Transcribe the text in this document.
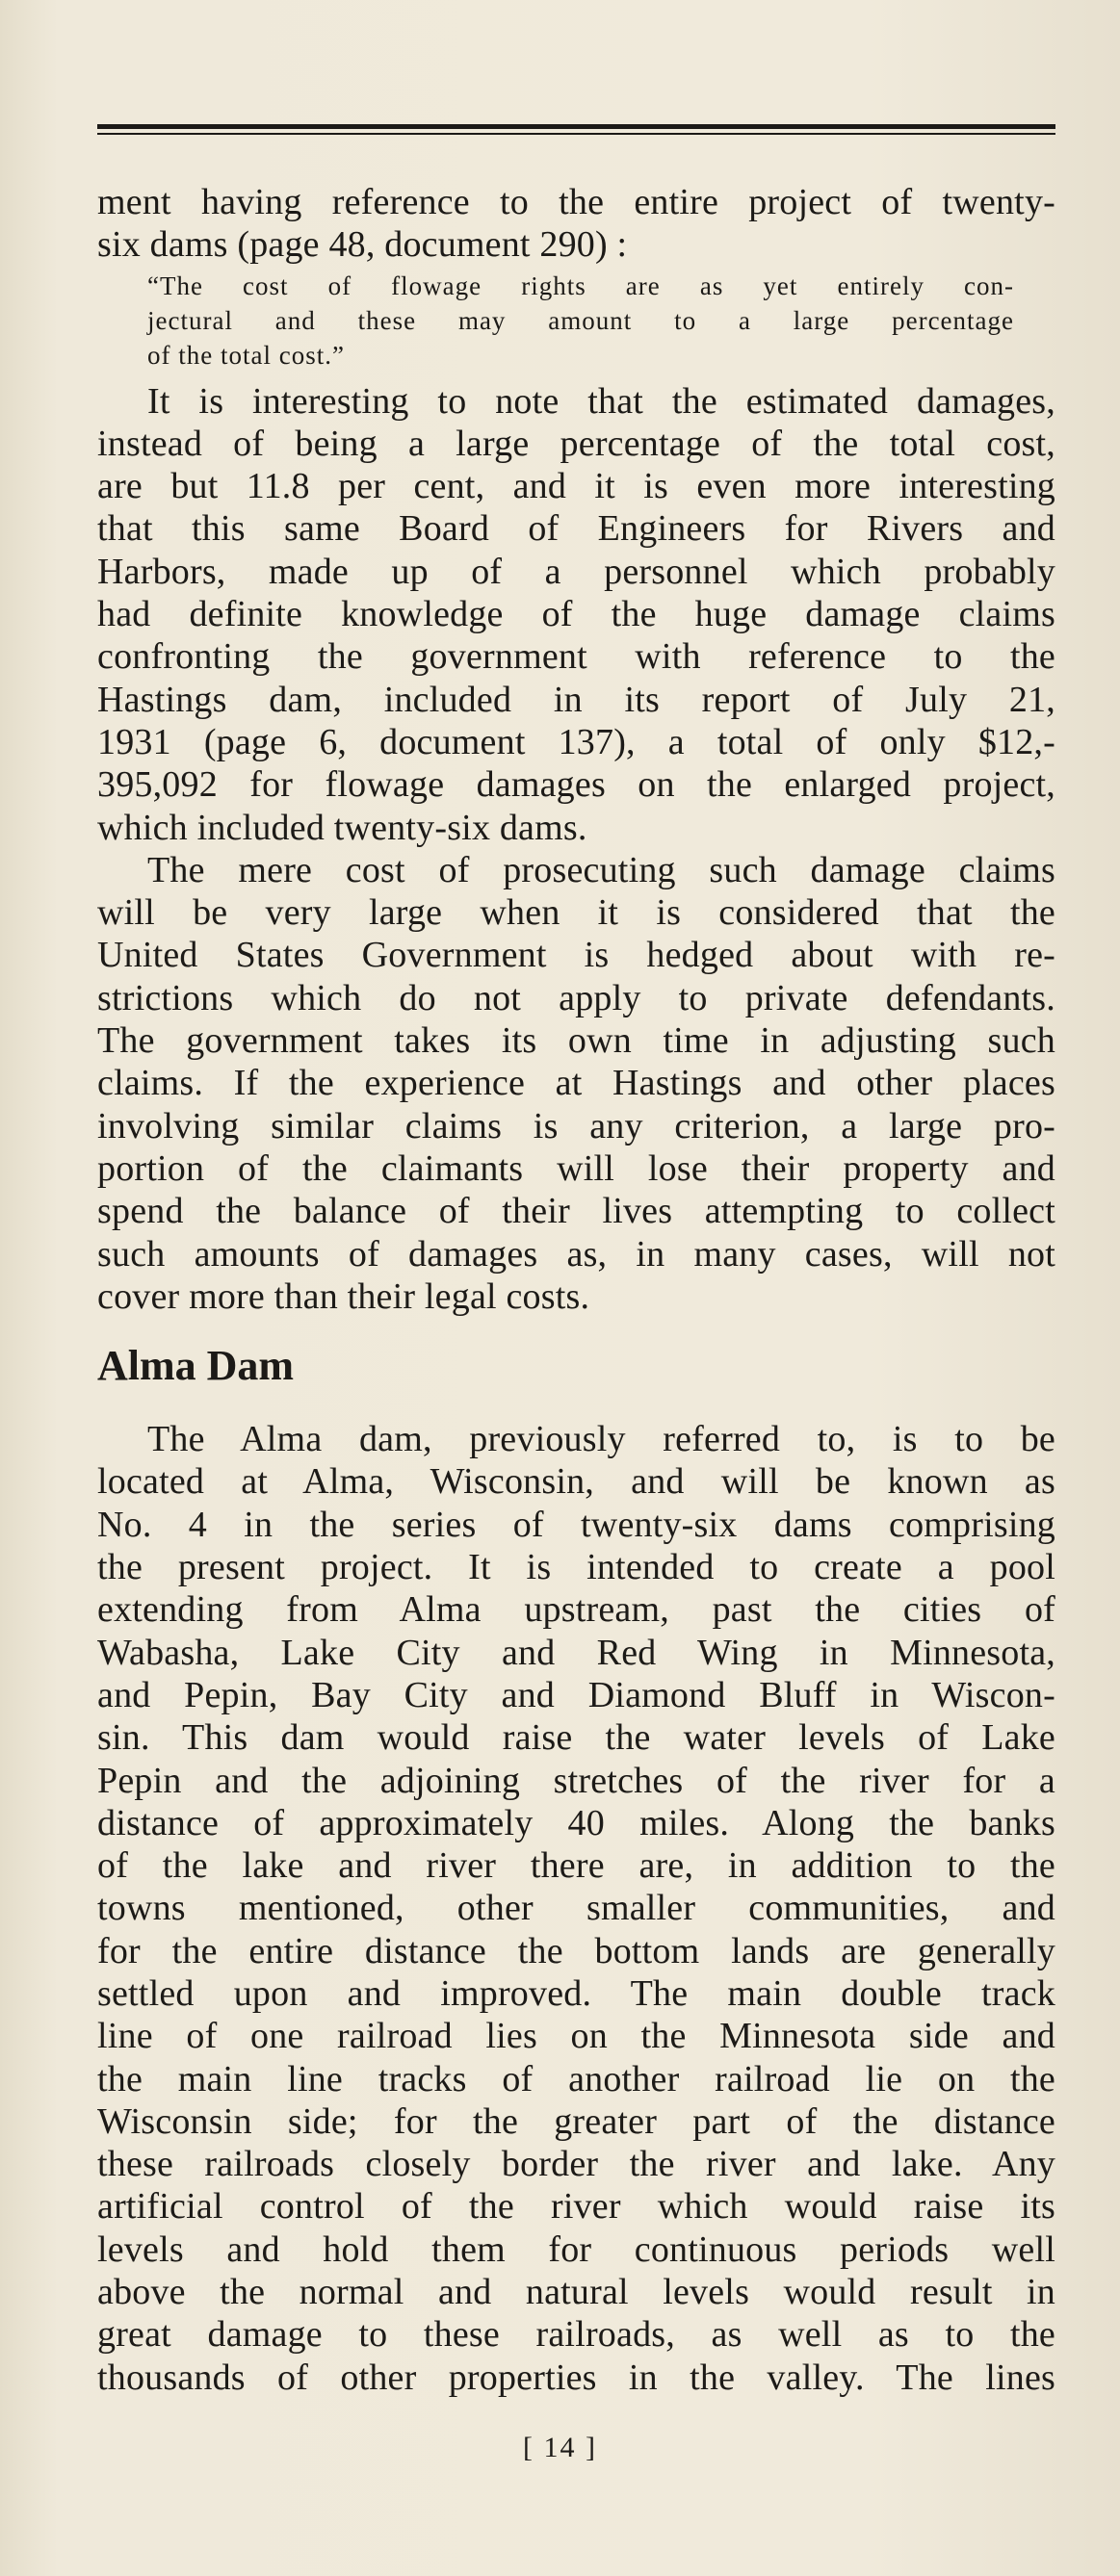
ment having reference to the entire project of twenty-
six dams (page 48, document 290) :
“The cost of flowage rights are as yet entirely con-
jectural and these may amount to a large percentage
of the total cost.”
It is interesting to note that the estimated damages,
instead of being a large percentage of the total cost,
are but 11.8 per cent, and it is even more interesting
that this same Board of Engineers for Rivers and
Harbors, made up of a personnel which probably
had definite knowledge of the huge damage claims
confronting the government with reference to the
Hastings dam, included in its report of July 21,
1931 (page 6, document 137), a total of only $12,-
395,092 for flowage damages on the enlarged project,
which included twenty-six dams.
The mere cost of prosecuting such damage claims
will be very large when it is considered that the
United States Government is hedged about with re-
strictions which do not apply to private defendants.
The government takes its own time in adjusting such
claims. If the experience at Hastings and other places
involving similar claims is any criterion, a large pro-
portion of the claimants will lose their property and
spend the balance of their lives attempting to collect
such amounts of damages as, in many cases, will not
cover more than their legal costs.
Alma Dam
The Alma dam, previously referred to, is to be
located at Alma, Wisconsin, and will be known as
No. 4 in the series of twenty-six dams comprising
the present project. It is intended to create a pool
extending from Alma upstream, past the cities of
Wabasha, Lake City and Red Wing in Minnesota,
and Pepin, Bay City and Diamond Bluff in Wiscon-
sin. This dam would raise the water levels of Lake
Pepin and the adjoining stretches of the river for a
distance of approximately 40 miles. Along the banks
of the lake and river there are, in addition to the
towns mentioned, other smaller communities, and
for the entire distance the bottom lands are generally
settled upon and improved. The main double track
line of one railroad lies on the Minnesota side and
the main line tracks of another railroad lie on the
Wisconsin side; for the greater part of the distance
these railroads closely border the river and lake. Any
artificial control of the river which would raise its
levels and hold them for continuous periods well
above the normal and natural levels would result in
great damage to these railroads, as well as to the
thousands of other properties in the valley. The lines
[ 14 ]
